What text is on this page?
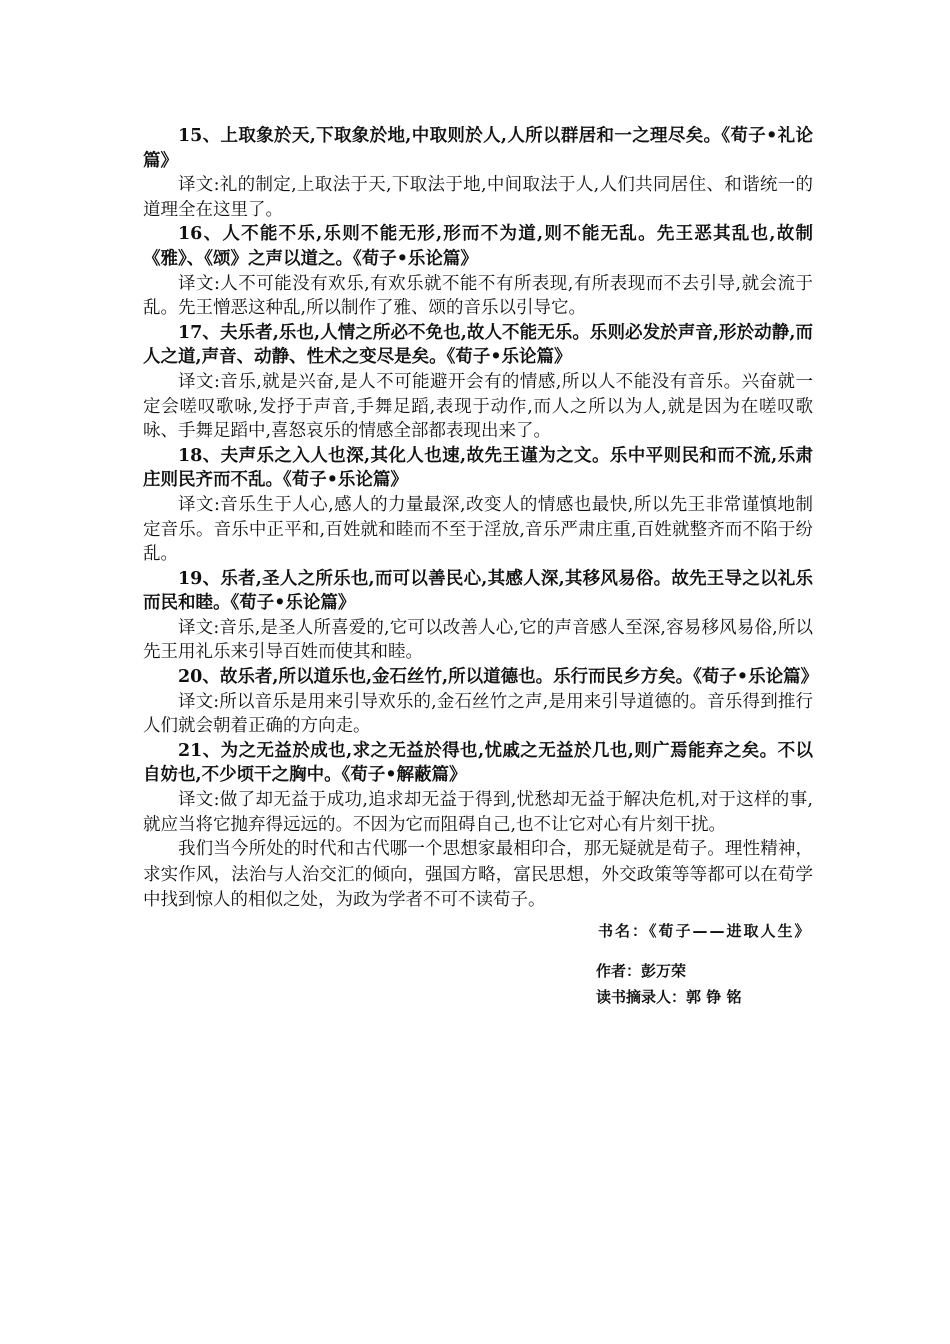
15、上取象於天,下取象於地,中取则於人,人所以群居和一之理尽矣。《荀子•礼论篇》

译文:礼的制定,上取法于天,下取法于地,中间取法于人,人们共同居住、和谐统一的道理全在这里了。

16、人不能不乐,乐则不能无形,形而不为道,则不能无乱。先王恶其乱也,故制《雅》、《颂》之声以道之。《荀子•乐论篇》

译文:人不可能没有欢乐,有欢乐就不能不有所表现,有所表现而不去引导,就会流于乱。先王憎恶这种乱,所以制作了雅、颂的音乐以引导它。

17、夫乐者,乐也,人情之所必不免也,故人不能无乐。乐则必发於声音,形於动静,而人之道,声音、动静、性术之变尽是矣。《荀子•乐论篇》

译文:音乐,就是兴奋,是人不可能避开会有的情感,所以人不能没有音乐。兴奋就一定会嗟叹歌咏,发抒于声音,手舞足蹈,表现于动作,而人之所以为人,就是因为在嗟叹歌咏、手舞足蹈中,喜怒哀乐的情感全部都表现出来了。

18、夫声乐之入人也深,其化人也速,故先王谨为之文。乐中平则民和而不流,乐肃庄则民齐而不乱。《荀子•乐论篇》

译文:音乐生于人心,感人的力量最深,改变人的情感也最快,所以先王非常谨慎地制定音乐。音乐中正平和,百姓就和睦而不至于淫放,音乐严肃庄重,百姓就整齐而不陷于纷乱。

19、乐者,圣人之所乐也,而可以善民心,其感人深,其移风易俗。故先王导之以礼乐而民和睦。《荀子•乐论篇》

译文:音乐,是圣人所喜爱的,它可以改善人心,它的声音感人至深,容易移风易俗,所以先王用礼乐来引导百姓而使其和睦。

20、故乐者,所以道乐也,金石丝竹,所以道德也。乐行而民乡方矣。《荀子•乐论篇》

译文:所以音乐是用来引导欢乐的,金石丝竹之声,是用来引导道德的。音乐得到推行人们就会朝着正确的方向走。

21、为之无益於成也,求之无益於得也,忧戚之无益於几也,则广焉能弃之矣。不以自妨也,不少顷干之胸中。《荀子•解蔽篇》

译文:做了却无益于成功,追求却无益于得到,忧愁却无益于解决危机,对于这样的事,就应当将它抛弃得远远的。不因为它而阻碍自己,也不让它对心有片刻干扰。

我们当今所处的时代和古代哪一个思想家最相印合，那无疑就是荀子。理性精神，求实作风，法治与人治交汇的倾向，强国方略，富民思想，外交政策等等都可以在荀学中找到惊人的相似之处，为政为学者不可不读荀子。

书名：《荀子——进取人生》
作者：彭万荣
读书摘录人：郭 铮 铭
